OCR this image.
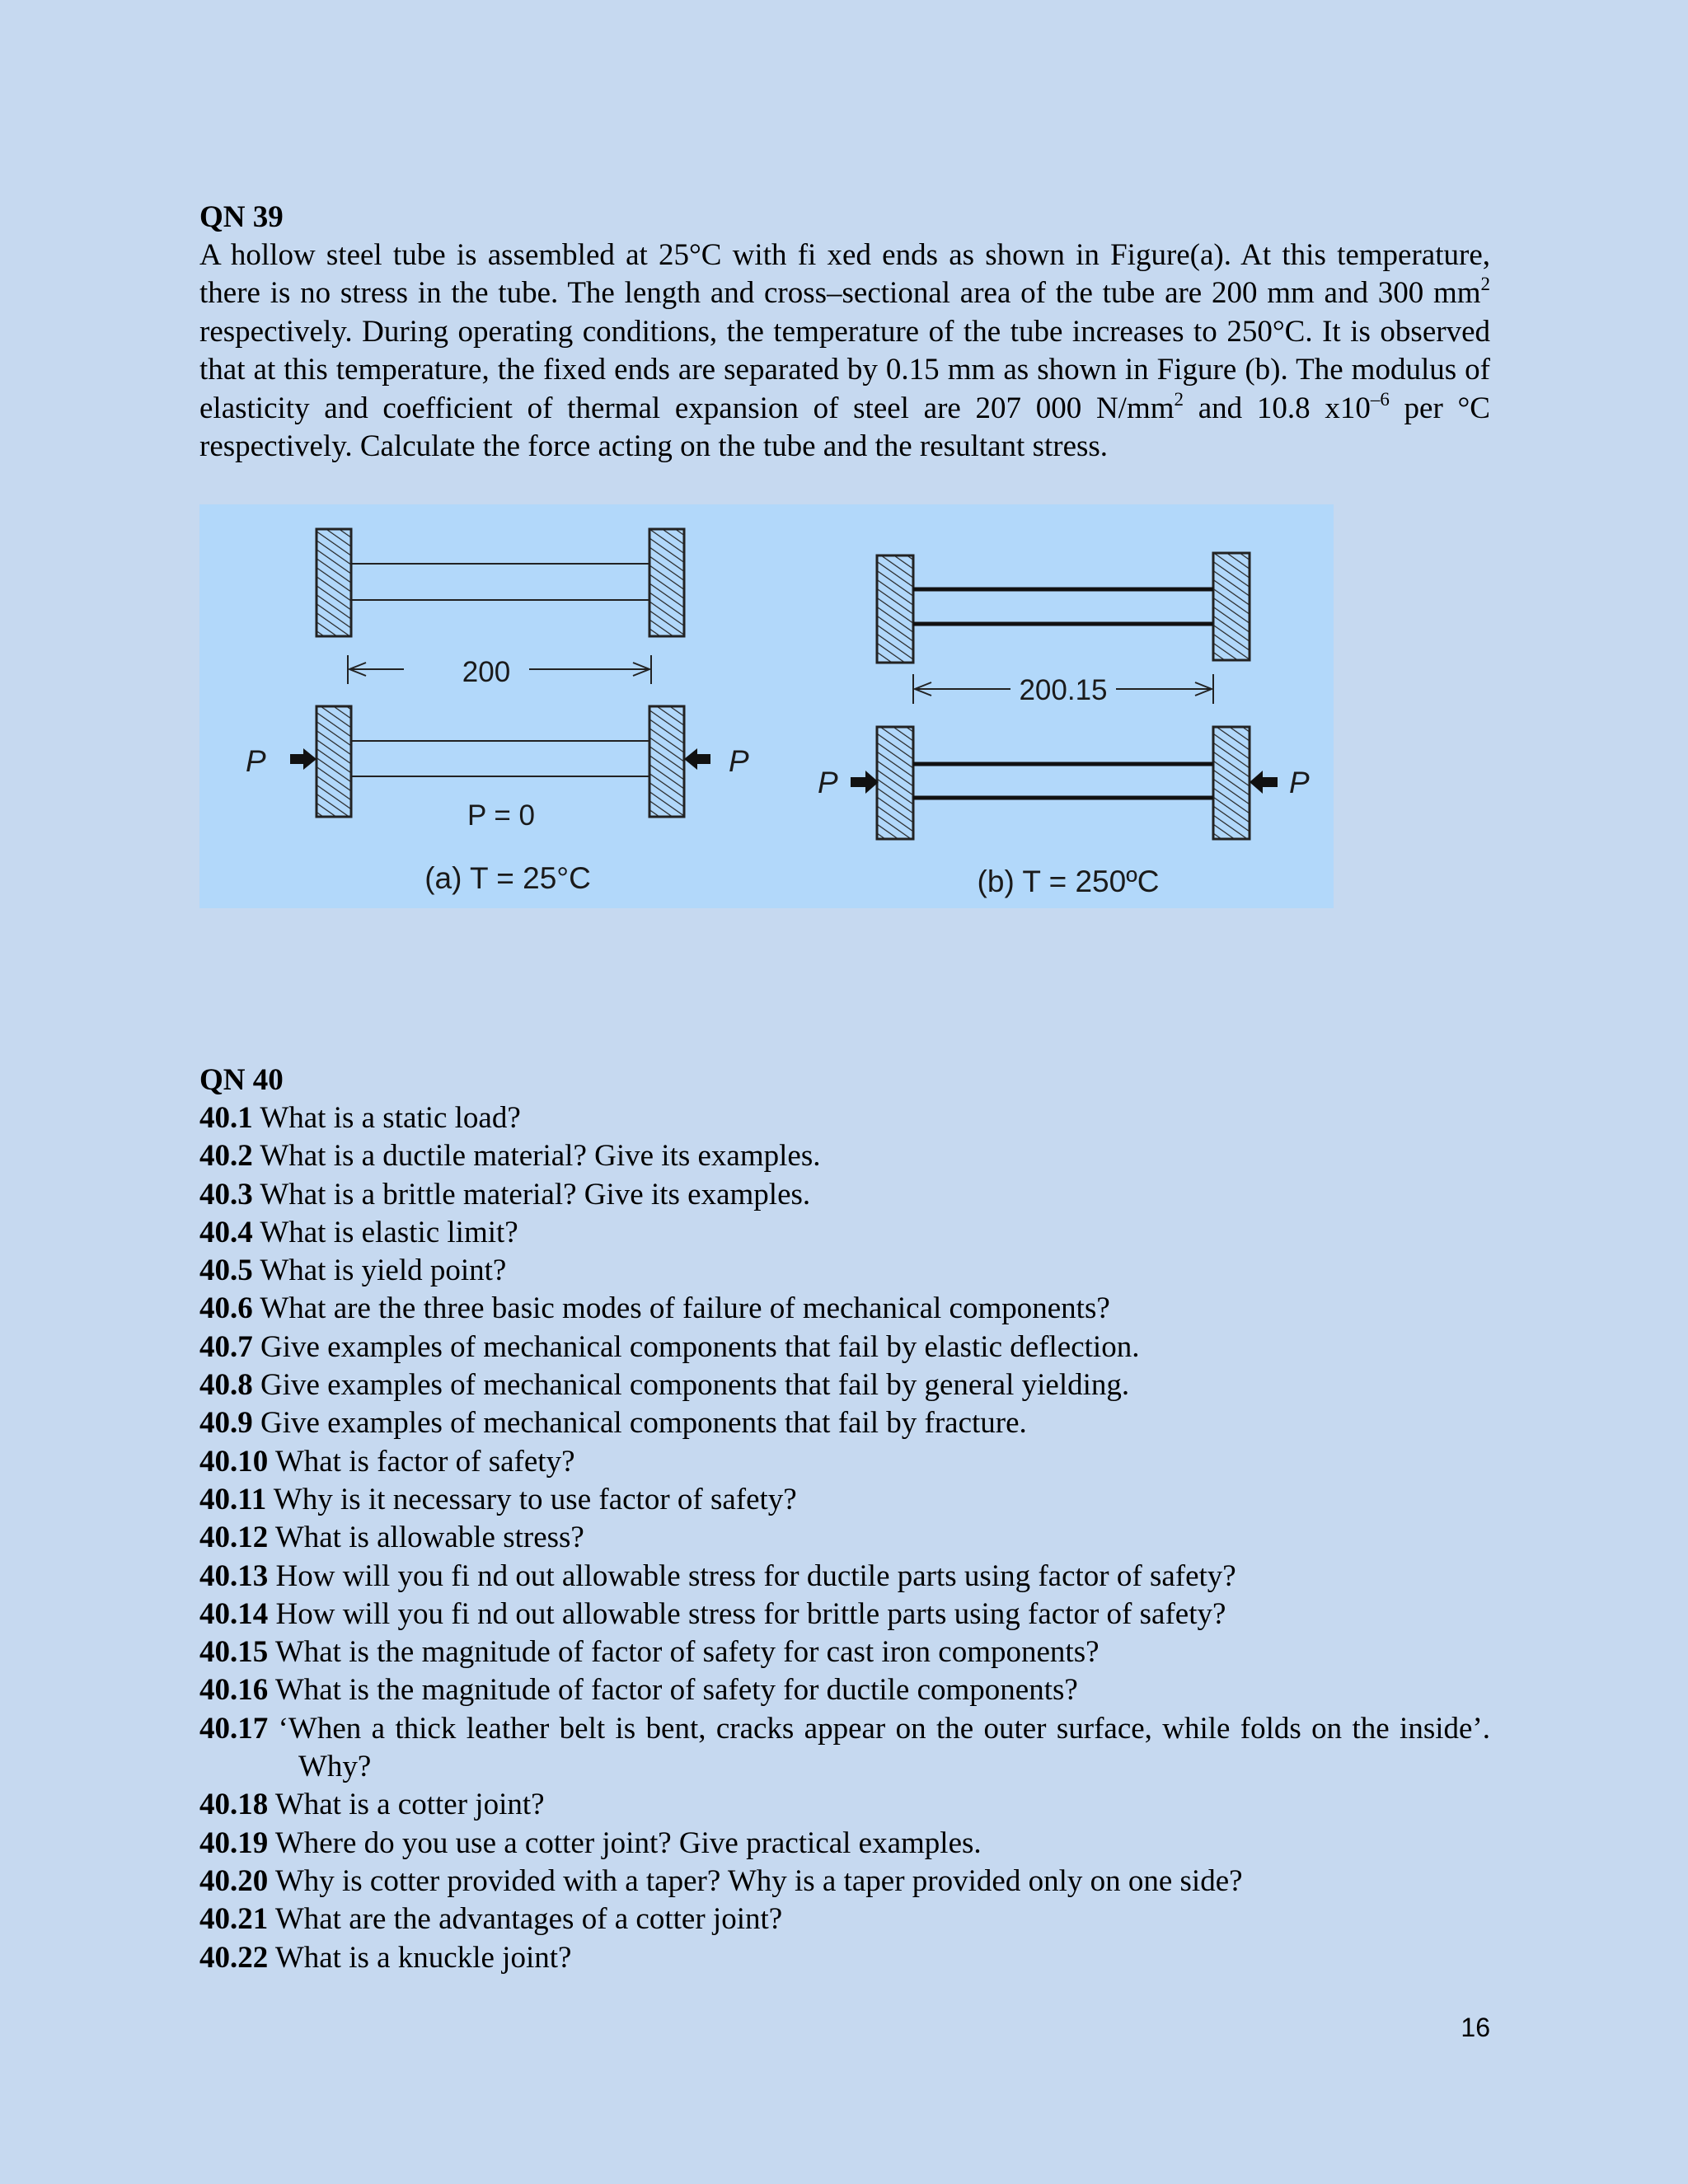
QN 39
A hollow steel tube is assembled at 25°C with fi xed ends as shown in Figure(a). At this temperature, there is no stress in the tube. The length and cross–sectional area of the tube are 200 mm and 300 $mm^2$ respectively. During operating conditions, the temperature of the tube increases to 250°C. It is observed that at this temperature, the fixed ends are separated by 0.15 mm as shown in Figure (b). The modulus of elasticity and coefficient of thermal expansion of steel are 207 000 $N/mm^2$ and 10.8 $x10^{-6}$ per °C respectively. Calculate the force acting on the tube and the resultant stress.
200
P	P
P = 0
(a) T = 25°C
200.15
P	P
(b) T = 250ºC
QN 40
40.1 What is a static load?
40.2 What is a ductile material? Give its examples.
40.3 What is a brittle material? Give its examples.
40.4 What is elastic limit?
40.5 What is yield point?
40.6 What are the three basic modes of failure of mechanical components?
40.7 Give examples of mechanical components that fail by elastic deflection.
40.8 Give examples of mechanical components that fail by general yielding.
40.9 Give examples of mechanical components that fail by fracture.
40.10 What is factor of safety?
40.11 Why is it necessary to use factor of safety?
40.12 What is allowable stress?
40.13 How will you fi nd out allowable stress for ductile parts using factor of safety?
40.14 How will you fi nd out allowable stress for brittle parts using factor of safety?
40.15 What is the magnitude of factor of safety for cast iron components?
40.16 What is the magnitude of factor of safety for ductile components?
40.17 ‘When a thick leather belt is bent, cracks appear on the outer surface, while folds on the inside’. Why?
40.18 What is a cotter joint?
40.19 Where do you use a cotter joint? Give practical examples.
40.20 Why is cotter provided with a taper? Why is a taper provided only on one side?
40.21 What are the advantages of a cotter joint?
40.22 What is a knuckle joint?
16
